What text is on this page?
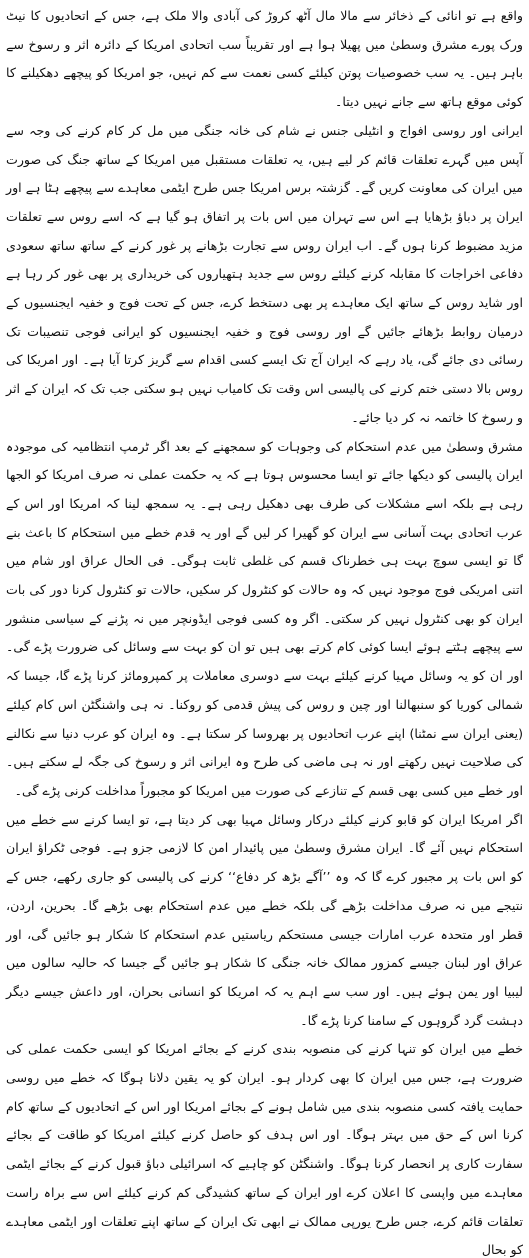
واقع ہے تو انائی کے ذخائر سے مالا مال آٹھ کروڑ کی آبادی والا ملک ہے، جس کے اتحادیوں کا نیٹ ورک پورے مشرق وسطیٰ میں پھیلا ہوا ہے اور تقریباً سب اتحادی امریکا کے دائرہ اثر و رسوخ سے باہر ہیں۔ یہ سب خصوصیات پوتن کیلئے کسی نعمت سے کم نہیں، جو امریکا کو پیچھے دھکیلنے کا کوئی موقع ہاتھ سے جانے نہیں دیتا۔

ایرانی اور روسی افواج و انٹیلی جنس نے شام کی خانہ جنگی میں مل کر کام کرنے کی وجہ سے آپس میں گہرے تعلقات قائم کر لیے ہیں، یہ تعلقات مستقبل میں امریکا کے ساتھ جنگ کی صورت میں ایران کی معاونت کریں گے۔ گزشتہ برس امریکا جس طرح ایٹمی معاہدے سے پیچھے ہٹا ہے اور ایران پر دباؤ بڑھایا ہے اس سے تہران میں اس بات پر اتفاق ہو گیا ہے کہ اسے روس سے تعلقات مزید مضبوط کرنا ہوں گے۔ اب ایران روس سے تجارت بڑھانے پر غور کرنے کے ساتھ ساتھ سعودی دفاعی اخراجات کا مقابلہ کرنے کیلئے روس سے جدید ہتھیاروں کی خریداری پر بھی غور کر رہا ہے اور شاید روس کے ساتھ ایک معاہدے پر بھی دستخط کرے، جس کے تحت فوج و خفیہ ایجنسیوں کے درمیان روابط بڑھائے جائیں گے اور روسی فوج و خفیہ ایجنسیوں کو ایرانی فوجی تنصیبات تک رسائی دی جائے گی، یاد رہے کہ ایران آج تک ایسے کسی اقدام سے گریز کرتا آیا ہے۔ اور امریکا کی روس بالا دستی ختم کرنے کی پالیسی اس وقت تک کامیاب نہیں ہو سکتی جب تک کہ ایران کے اثر و رسوخ کا خاتمہ نہ کر دیا جائے۔

مشرق وسطیٰ میں عدم استحکام کی وجوہات کو سمجھنے کے بعد اگر ٹرمپ انتظامیہ کی موجودہ ایران پالیسی کو دیکھا جائے تو ایسا محسوس ہوتا ہے کہ یہ حکمت عملی نہ صرف امریکا کو الجھا رہی ہے بلکہ اسے مشکلات کی طرف بھی دھکیل رہی ہے۔ یہ سمجھ لینا کہ امریکا اور اس کے عرب اتحادی بہت آسانی سے ایران کو گھیرا کر لیں گے اور یہ قدم خطے میں استحکام کا باعث بنے گا تو ایسی سوچ بہت ہی خطرناک قسم کی غلطی ثابت ہوگی۔ فی الحال عراق اور شام میں اتنی امریکی فوج موجود نہیں کہ وہ حالات کو کنٹرول کر سکیں، حالات تو کنٹرول کرنا دور کی بات ایران کو بھی کنٹرول نہیں کر سکتی۔ اگر وہ کسی فوجی ایڈونچر میں نہ پڑنے کے سیاسی منشور سے پیچھے ہٹتے ہوئے ایسا کوئی کام کرتے بھی ہیں تو ان کو بہت سے وسائل کی ضرورت پڑے گی۔ اور ان کو یہ وسائل مہیا کرنے کیلئے بہت سے دوسری معاملات پر کمپرومائز کرنا پڑے گا، جیسا کہ شمالی کوریا کو سنبھالنا اور چین و روس کی پیش قدمی کو روکنا۔ نہ ہی واشنگٹن اس کام کیلئے (یعنی ایران سے نمٹنا) اپنے عرب اتحادیوں پر بھروسا کر سکتا ہے۔ وہ ایران کو عرب دنیا سے نکالنے کی صلاحیت نہیں رکھتے اور نہ ہی ماضی کی طرح وہ ایرانی اثر و رسوخ کی جگہ لے سکتے ہیں۔ اور خطے میں کسی بھی قسم کے تنازعے کی صورت میں امریکا کو مجبوراً مداخلت کرنی پڑے گی۔

اگر امریکا ایران کو قابو کرنے کیلئے درکار وسائل مہیا بھی کر دیتا ہے، تو ایسا کرنے سے خطے میں استحکام نہیں آئے گا۔ ایران مشرق وسطیٰ میں پائیدار امن کا لازمی جزو ہے۔ فوجی ٹکراؤ ایران کو اس بات پر مجبور کرے گا کہ وہ ’’آگے بڑھ کر دفاع‘‘ کرنے کی پالیسی کو جاری رکھے، جس کے نتیجے میں نہ صرف مداخلت بڑھے گی بلکہ خطے میں عدم استحکام بھی بڑھے گا۔ بحرین، اردن، قطر اور متحدہ عرب امارات جیسی مستحکم ریاستیں عدم استحکام کا شکار ہو جائیں گی، اور عراق اور لبنان جیسے کمزور ممالک خانہ جنگی کا شکار ہو جائیں گے جیسا کہ حالیہ سالوں میں لیبیا اور یمن ہوئے ہیں۔ اور سب سے اہم یہ کہ امریکا کو انسانی بحران، اور داعش جیسے دیگر دہشت گرد گروہوں کے سامنا کرنا پڑے گا۔

خطے میں ایران کو تنہا کرنے کی منصوبہ بندی کرنے کے بجائے امریکا کو ایسی حکمت عملی کی ضرورت ہے، جس میں ایران کا بھی کردار ہو۔ ایران کو یہ یقین دلانا ہوگا کہ خطے میں روسی حمایت یافتہ کسی منصوبہ بندی میں شامل ہونے کے بجائے امریکا اور اس کے اتحادیوں کے ساتھ کام کرنا اس کے حق میں بہتر ہوگا۔ اور اس ہدف کو حاصل کرنے کیلئے امریکا کو طاقت کے بجائے سفارت کاری پر انحصار کرنا ہوگا۔ واشنگٹن کو چاہیے کہ اسرائیلی دباؤ قبول کرنے کے بجائے ایٹمی معاہدے میں واپسی کا اعلان کرے اور ایران کے ساتھ کشیدگی کم کرنے کیلئے اس سے براہ راست تعلقات قائم کرے، جس طرح یورپی ممالک نے ابھی تک ایران کے ساتھ اپنے تعلقات اور ایٹمی معاہدے کو بحال
